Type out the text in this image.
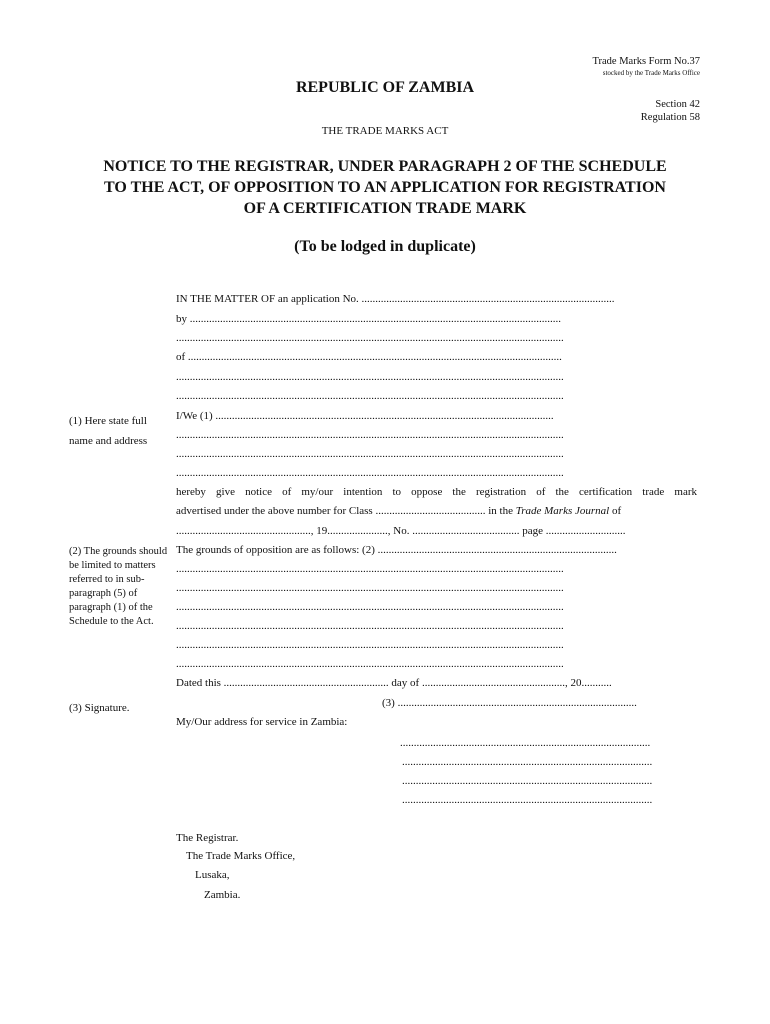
Trade Marks Form No.37
stocked by the Trade Marks Office
REPUBLIC OF ZAMBIA
Section 42
Regulation 58
THE TRADE MARKS ACT
NOTICE TO THE REGISTRAR, UNDER PARAGRAPH 2 OF THE SCHEDULE
TO THE ACT, OF OPPOSITION TO AN APPLICATION FOR REGISTRATION
OF A CERTIFICATION TRADE MARK
(To be lodged in duplicate)
IN THE MATTER OF an application No. ............................................................................................
by .......................................................................................................................................
.............................................................................................................................................
of ........................................................................................................................................
.............................................................................................................................................
.............................................................................................................................................
I/We (1) ...........................................................................................................................
.............................................................................................................................................
.............................................................................................................................................
.............................................................................................................................................
hereby give notice of my/our intention to oppose the registration of the certification trade mark
advertised under the above number for Class ........................................ in the Trade Marks Journal of
................................................., 19......................, No. ....................................... page .............................
The grounds of opposition are as follows: (2) .......................................................................................
.............................................................................................................................................
.............................................................................................................................................
.............................................................................................................................................
.............................................................................................................................................
.............................................................................................................................................
.............................................................................................................................................
Dated this ............................................................ day of ...................................................., 20...........
(3) .......................................................................................
My/Our address for service in Zambia:
...........................................................................................
...........................................................................................
...........................................................................................
...........................................................................................
(1) Here state full name and address
(2) The grounds should be limited to matters referred to in sub-paragraph (5) of paragraph (1) of the Schedule to the Act.
(3) Signature.
The Registrar.
The Trade Marks Office,
Lusaka,
Zambia.
